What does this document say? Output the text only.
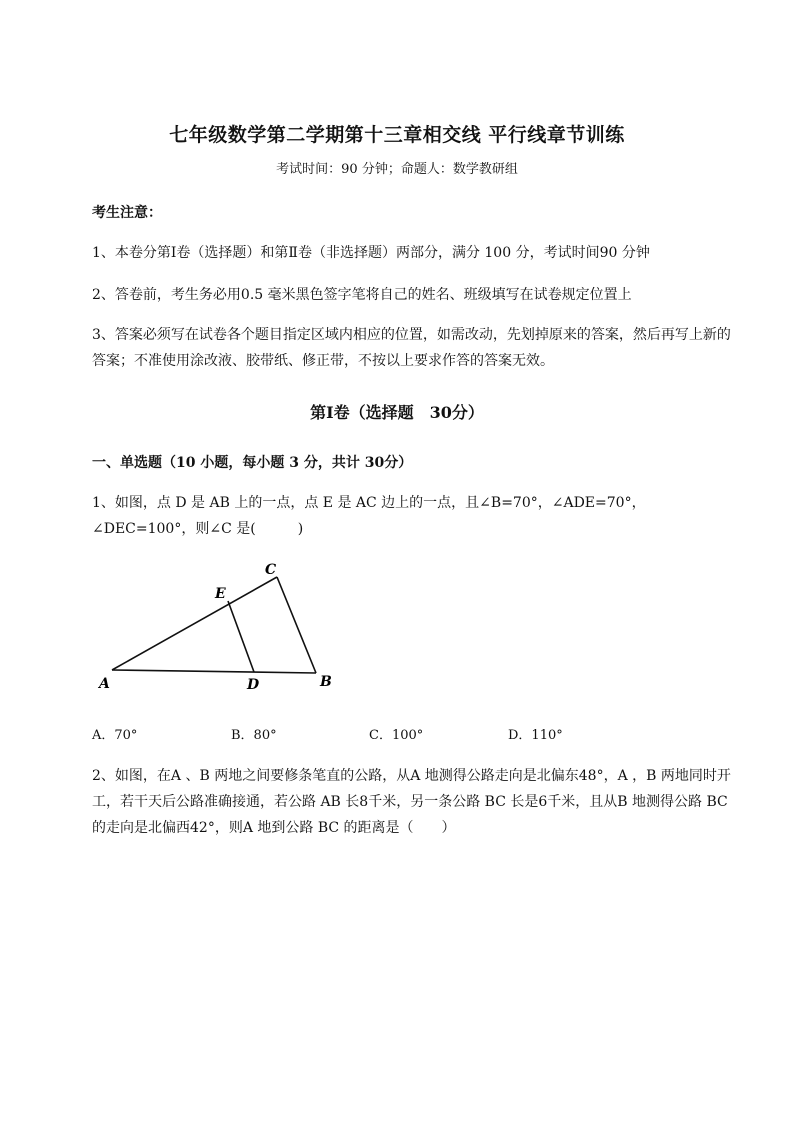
七年级数学第二学期第十三章相交线 平行线章节训练
考试时间：90 分钟；命题人：数学教研组
考生注意：
1、本卷分第Ⅰ卷（选择题）和第Ⅱ卷（非选择题）两部分，满分 100 分，考试时间90 分钟
2、答卷前，考生务必用0.5 毫米黑色签字笔将自己的姓名、班级填写在试卷规定位置上
3、答案必须写在试卷各个题目指定区域内相应的位置，如需改动，先划掉原来的答案，然后再写上新的答案；不准使用涂改液、胶带纸、修正带，不按以上要求作答的答案无效。
第Ⅰ卷（选择题　30分）
一、单选题（10 小题，每小题 3 分，共计 30分）
1、如图，点 D 是 AB 上的一点，点 E 是 AC 边上的一点，且∠B=70°，∠ADE=70°，∠DEC=100°，则∠C 是(　　　)
A	B
C
D
E
A．70°	B．80°	C．100°	D．110°
2、如图，在A 、B 两地之间要修条笔直的公路，从A 地测得公路走向是北偏东48°，A ，B 两地同时开工，若干天后公路准确接通，若公路 AB 长8千米，另一条公路 BC 长是6千米，且从B 地测得公路 BC 的走向是北偏西42°，则A 地到公路 BC 的距离是（　　）
